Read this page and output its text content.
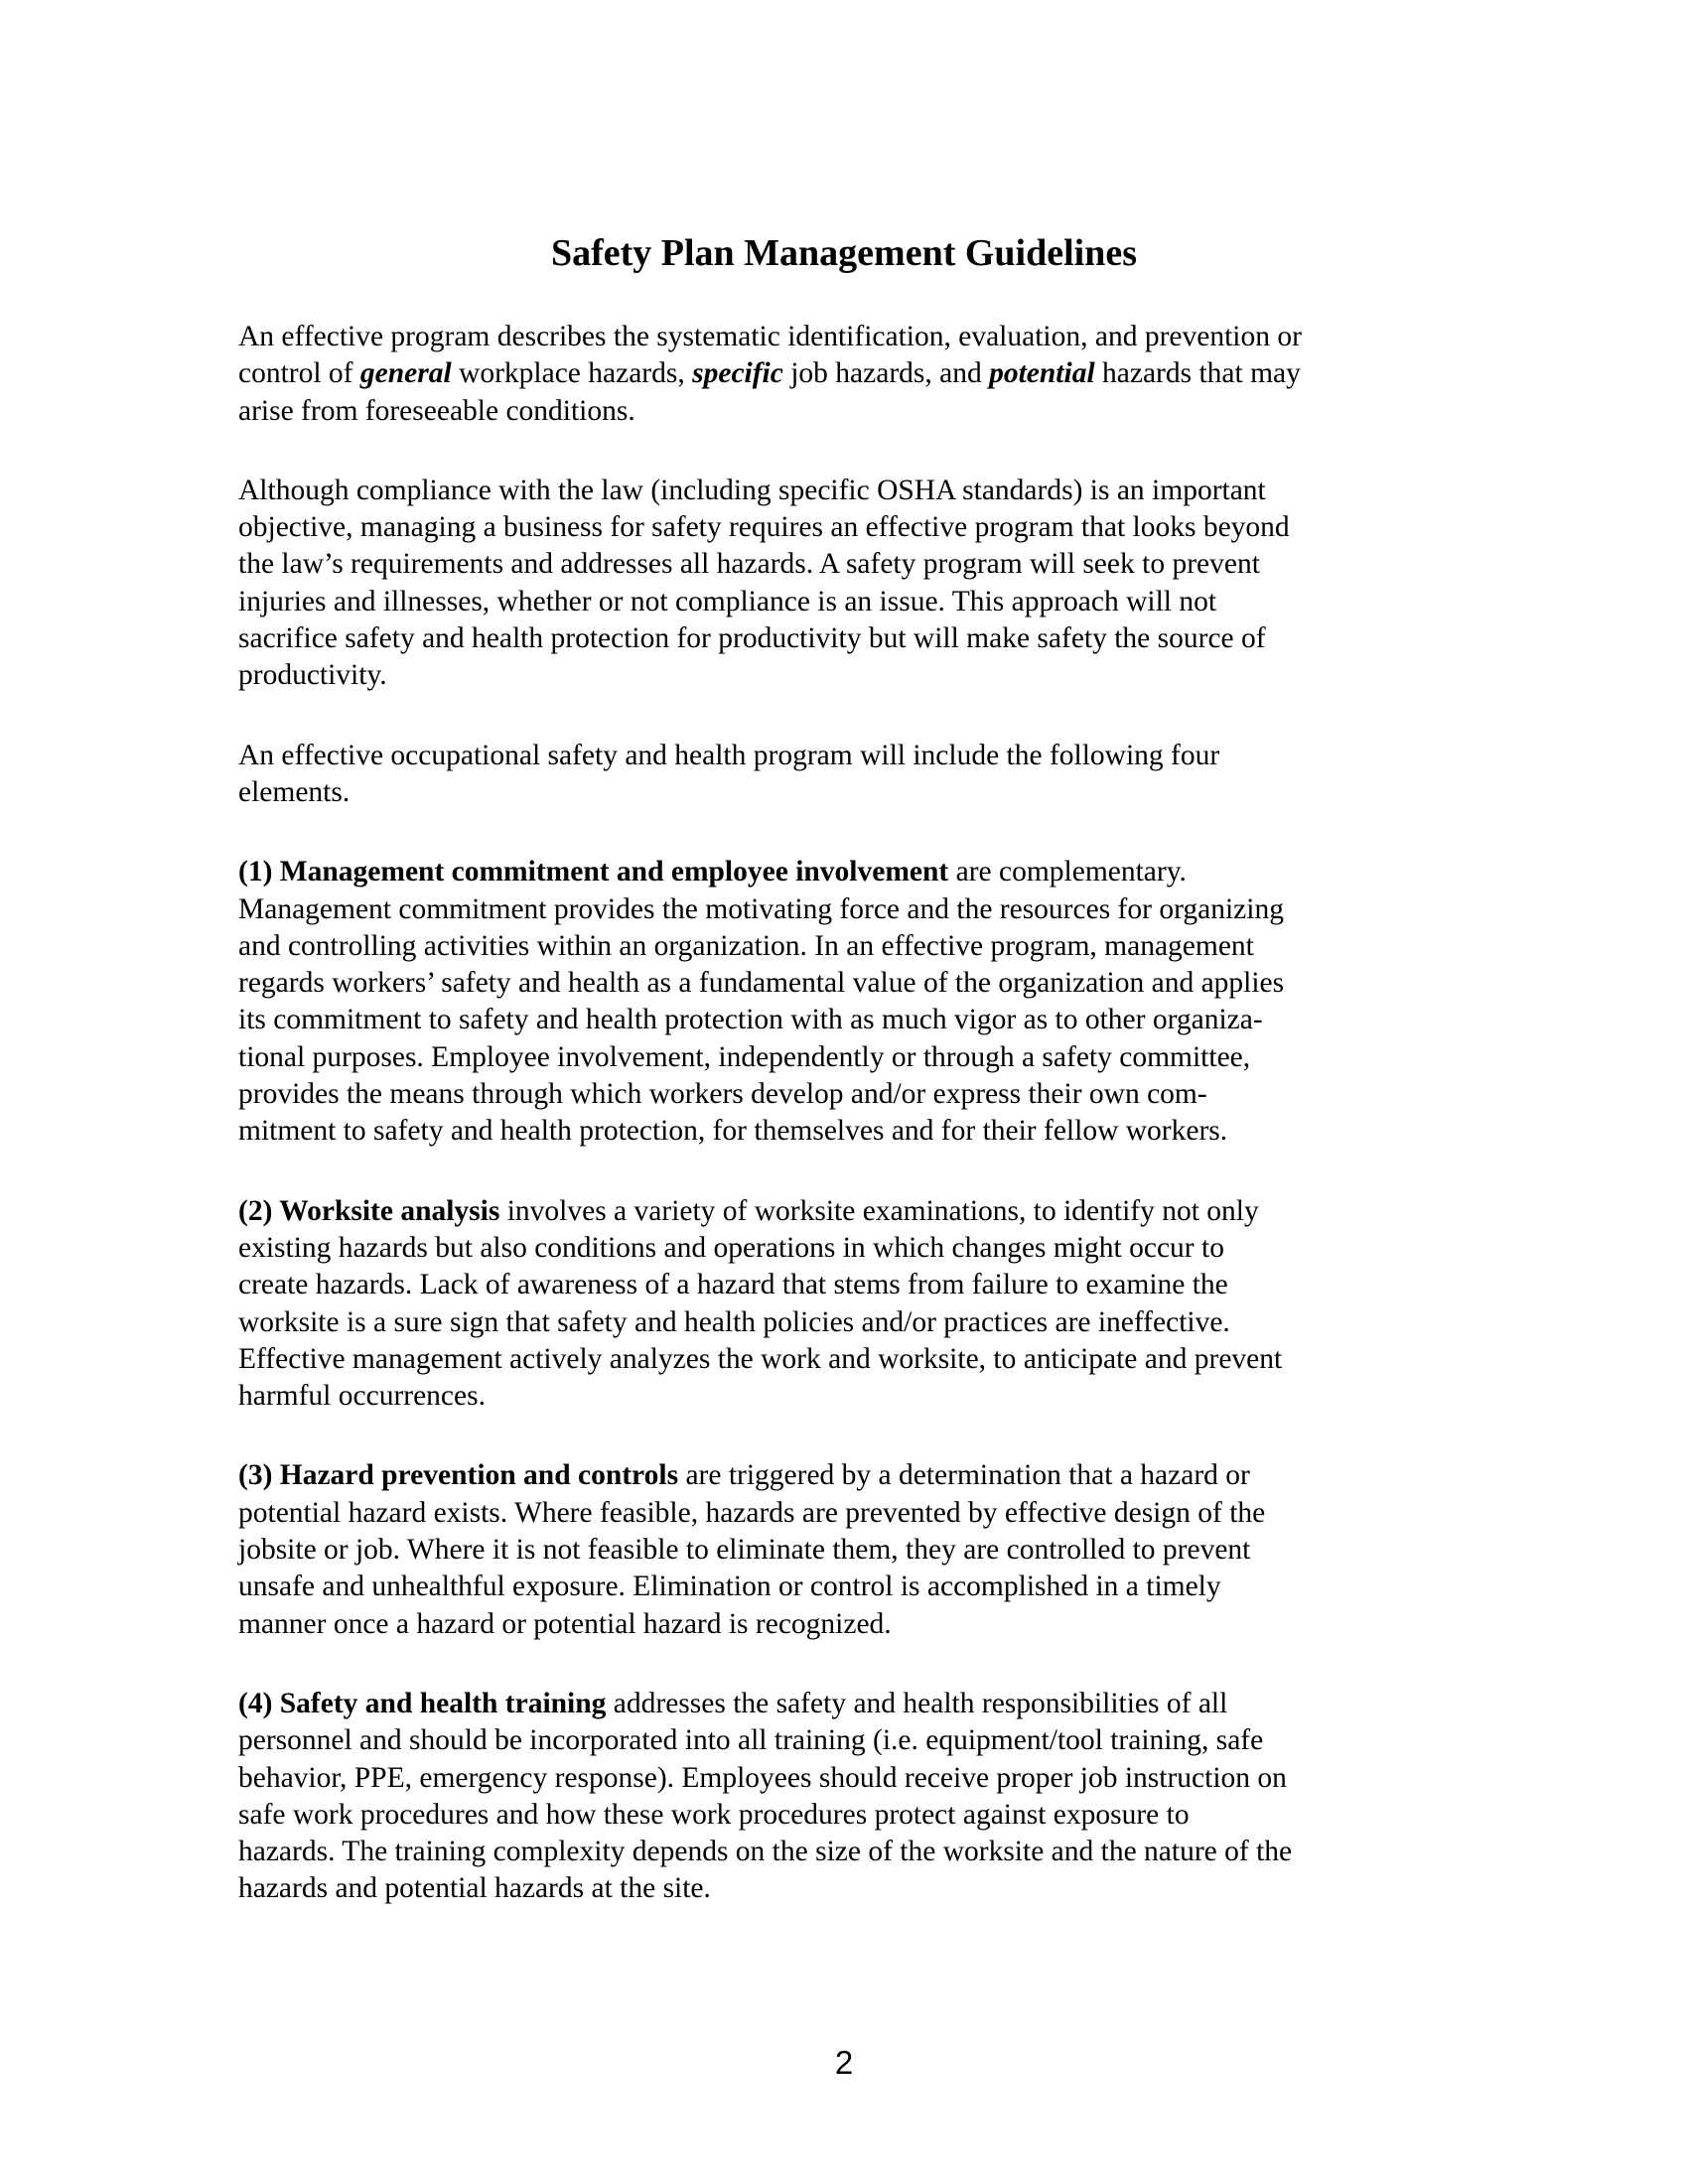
Safety Plan Management Guidelines
An effective program describes the systematic identification, evaluation, and prevention or
control of general workplace hazards, specific job hazards, and potential hazards that may
arise from foreseeable conditions.
Although compliance with the law (including specific OSHA standards) is an important
objective, managing a business for safety requires an effective program that looks beyond
the law’s requirements and addresses all hazards. A safety program will seek to prevent
injuries and illnesses, whether or not compliance is an issue. This approach will not
sacrifice safety and health protection for productivity but will make safety the source of
productivity.
An effective occupational safety and health program will include the following four
elements.
(1) Management commitment and employee involvement are complementary.
Management commitment provides the motivating force and the resources for organizing
and controlling activities within an organization. In an effective program, management
regards workers’ safety and health as a fundamental value of the organization and applies
its commitment to safety and health protection with as much vigor as to other organiza-
tional purposes. Employee involvement, independently or through a safety committee,
provides the means through which workers develop and/or express their own com-
mitment to safety and health protection, for themselves and for their fellow workers.
(2) Worksite analysis involves a variety of worksite examinations, to identify not only
existing hazards but also conditions and operations in which changes might occur to
create hazards. Lack of awareness of a hazard that stems from failure to examine the
worksite is a sure sign that safety and health policies and/or practices are ineffective.
Effective management actively analyzes the work and worksite, to anticipate and prevent
harmful occurrences.
(3) Hazard prevention and controls are triggered by a determination that a hazard or
potential hazard exists. Where feasible, hazards are prevented by effective design of the
jobsite or job. Where it is not feasible to eliminate them, they are controlled to prevent
unsafe and unhealthful exposure. Elimination or control is accomplished in a timely
manner once a hazard or potential hazard is recognized.
(4) Safety and health training addresses the safety and health responsibilities of all
personnel and should be incorporated into all training (i.e. equipment/tool training, safe
behavior, PPE, emergency response). Employees should receive proper job instruction on
safe work procedures and how these work procedures protect against exposure to
hazards. The training complexity depends on the size of the worksite and the nature of the
hazards and potential hazards at the site.
2
